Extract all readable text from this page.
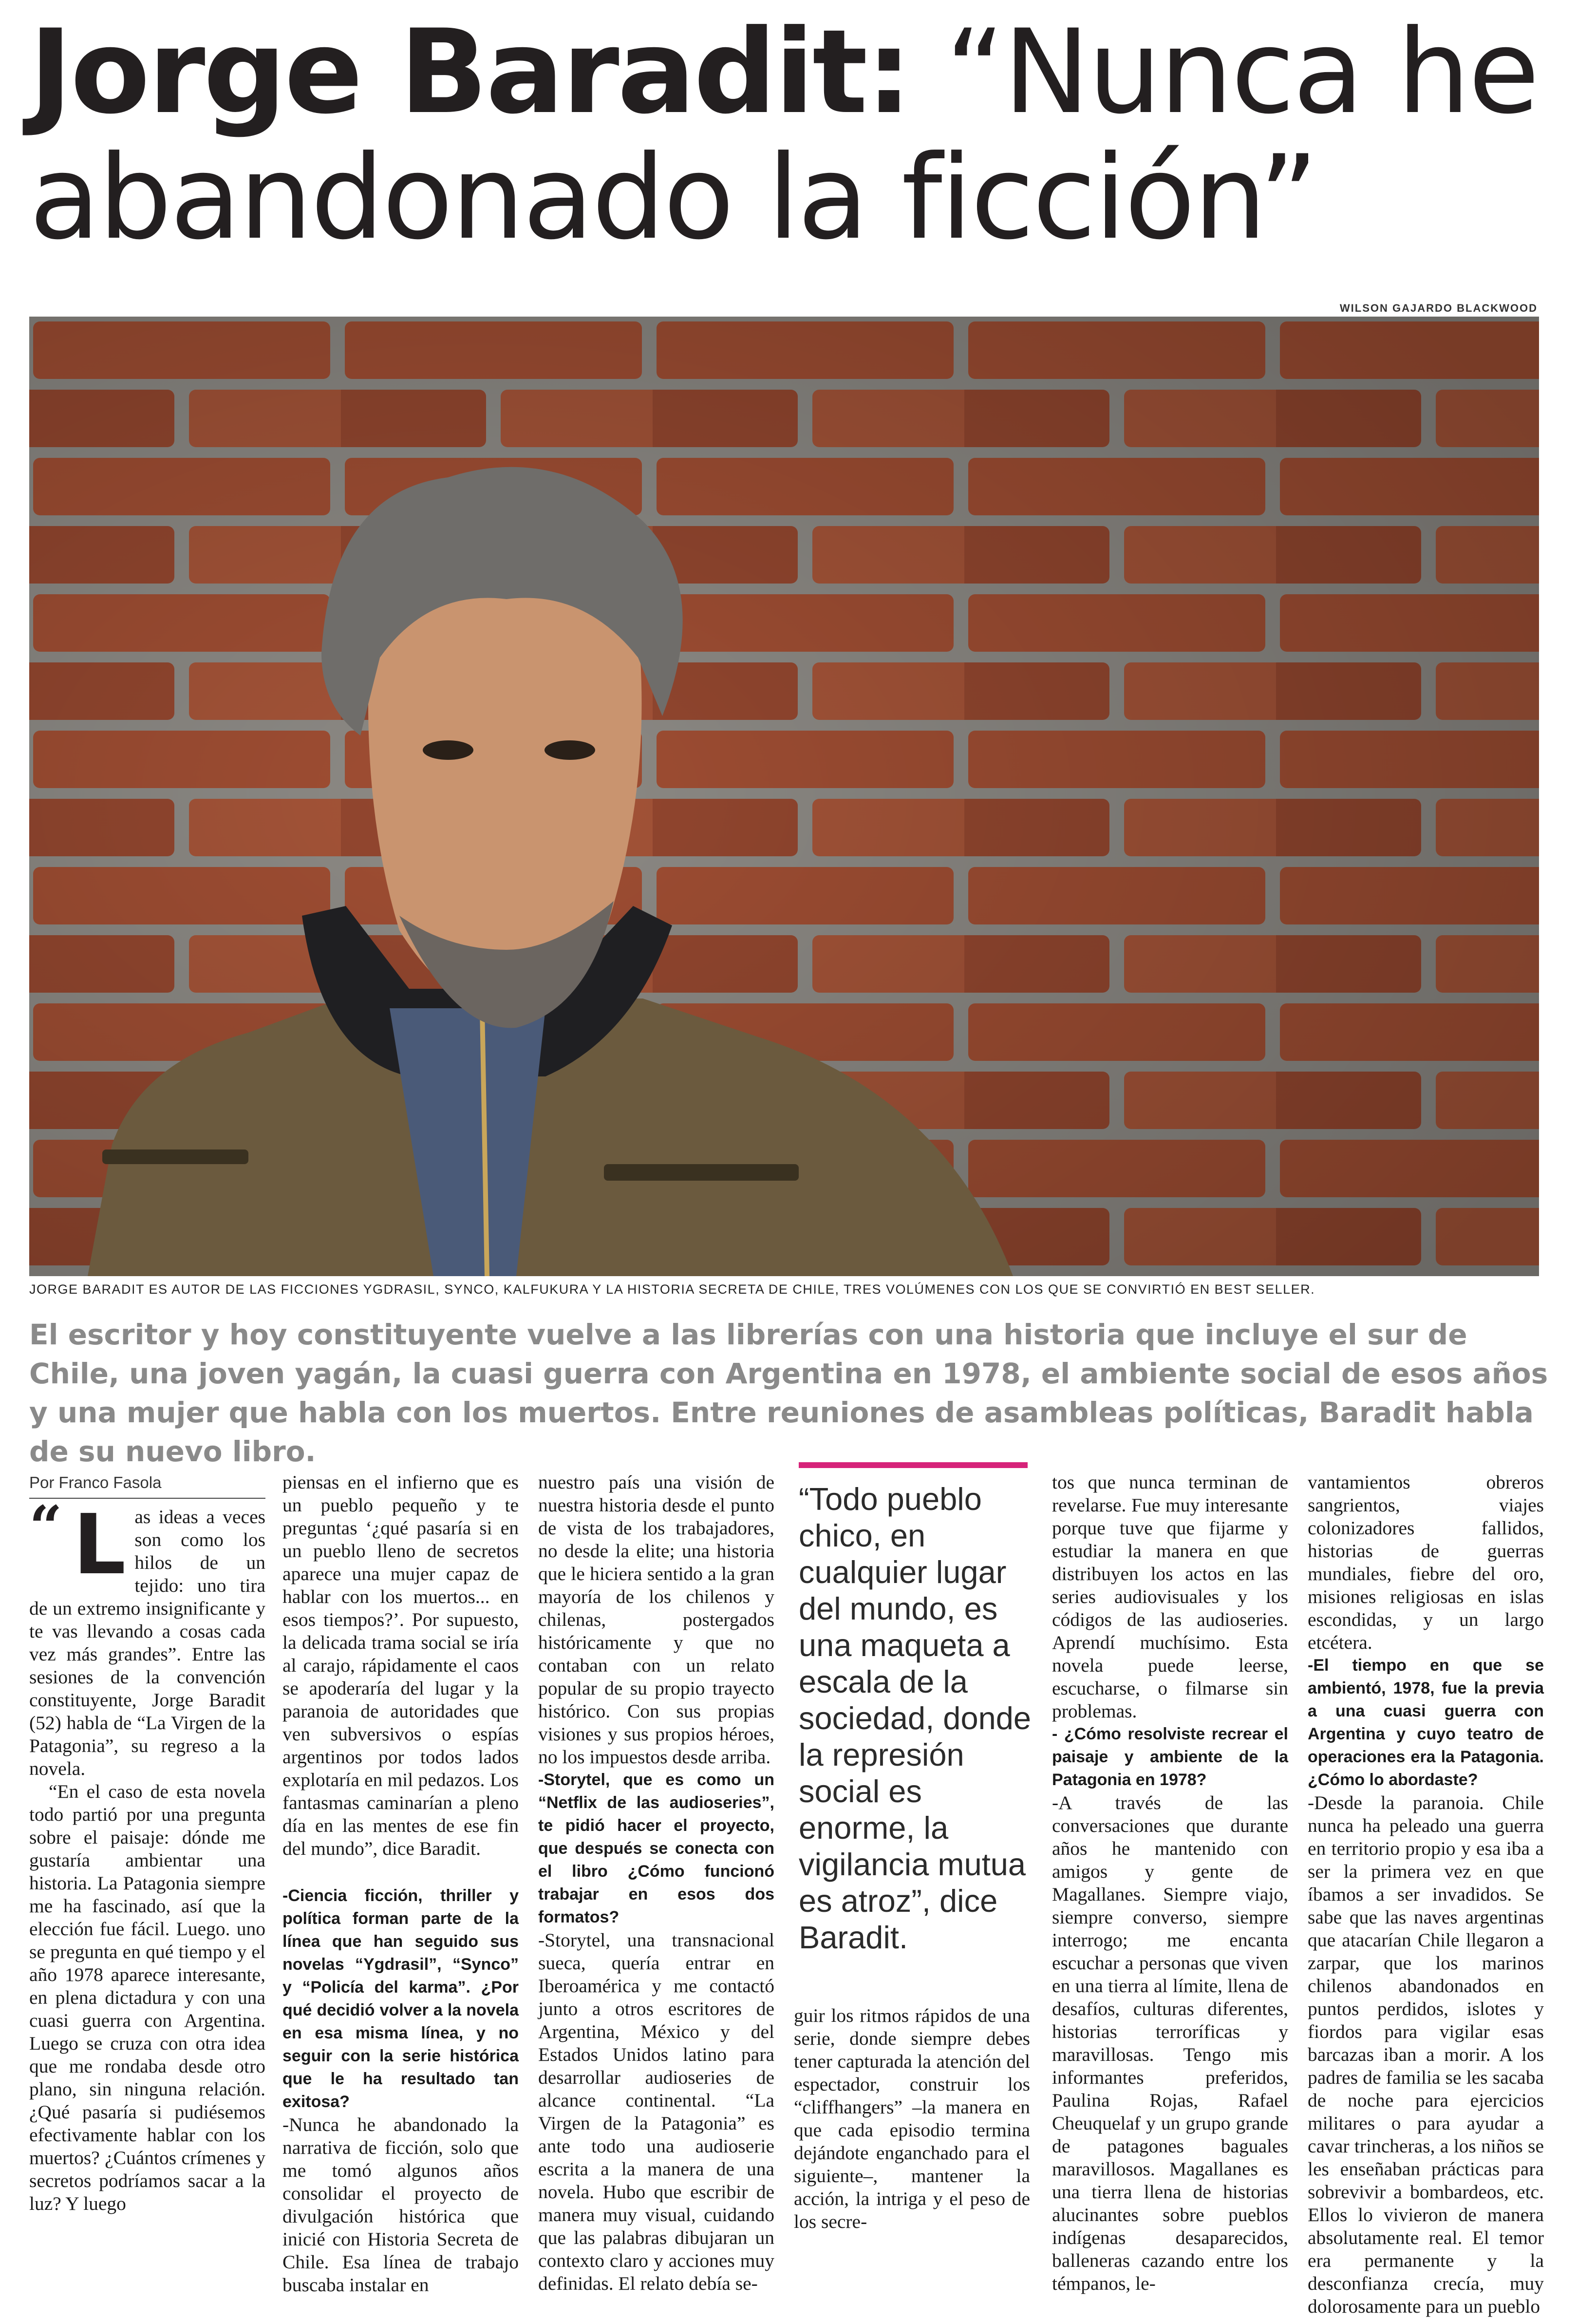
Jorge Baradit: “Nunca he
abandonado la ficción”
WILSON GAJARDO BLACKWOOD
JORGE BARADIT ES AUTOR DE LAS FICCIONES YGDRASIL, SYNCO, KALFUKURA Y LA HISTORIA SECRETA DE CHILE, TRES VOLÚMENES CON LOS QUE SE CONVIRTIÓ EN BEST SELLER.
El escritor y hoy constituyente vuelve a las librerías con una historia que incluye el sur de Chile, una joven yagán, la cuasi guerra con Argentina en 1978, el ambiente social de esos años y una mujer que habla con los muertos. Entre reuniones de asambleas políticas, Baradit habla de su nuevo libro.
Por Franco Fasola
“ L as ideas a veces son como los hilos de un tejido: uno tira de un extremo insignificante y te vas llevando a cosas cada vez más grandes”. Entre las sesiones de la convención constituyente, Jorge Baradit (52) habla de “La Virgen de la Patagonia”, su regreso a la novela.

“En el caso de esta novela todo partió por una pregunta sobre el paisaje: dónde me gustaría ambientar una historia. La Patagonia siempre me ha fascinado, así que la elección fue fácil. Luego. uno se pregunta en qué tiempo y el año 1978 aparece interesante, en plena dictadura y con una cuasi guerra con Argentina. Luego se cruza con otra idea que me rondaba desde otro plano, sin ninguna relación. ¿Qué pasaría si pudiésemos efectivamente hablar con los muertos? ¿Cuántos crímenes y secretos podríamos sacar a la luz? Y luego

piensas en el infierno que es un pueblo pequeño y te preguntas ‘¿qué pasaría si en un pueblo lleno de secretos aparece una mujer capaz de hablar con los muertos... en esos tiempos?’. Por supuesto, la delicada trama social se iría al carajo, rápidamente el caos se apoderaría del lugar y la paranoia de autoridades que ven subversivos o espías argentinos por todos lados explotaría en mil pedazos. Los fantasmas caminarían a pleno día en las mentes de ese fin del mundo”, dice Baradit.

-Ciencia ficción, thriller y política forman parte de la línea que han seguido sus novelas “Ygdrasil”, “Synco” y “Policía del karma”. ¿Por qué decidió volver a la novela en esa misma línea, y no seguir con la serie histórica que le ha resultado tan exitosa?

-Nunca he abandonado la narrativa de ficción, solo que me tomó algunos años consolidar el proyecto de divulgación histórica que inicié con Historia Secreta de Chile. Esa línea de trabajo buscaba instalar en

nuestro país una visión de nuestra historia desde el punto de vista de los trabajadores, no desde la elite; una historia que le hiciera sentido a la gran mayoría de los chilenos y chilenas, postergados históricamente y que no contaban con un relato popular de su propio trayecto histórico. Con sus propias visiones y sus propios héroes, no los impuestos desde arriba.

-Storytel, que es como un “Netflix de las audioseries”, te pidió hacer el proyecto, que después se conecta con el libro ¿Cómo funcionó trabajar en esos dos formatos?

-Storytel, una transnacional sueca, quería entrar en Iberoamérica y me contactó junto a otros escritores de Argentina, México y del Estados Unidos latino para desarrollar audioseries de alcance continental. “La Virgen de la Patagonia” es ante todo una audioserie escrita a la manera de una novela. Hubo que escribir de manera muy visual, cuidando que las palabras dibujaran un contexto claro y acciones muy definidas. El relato debía se-

“Todo pueblo chico, en cualquier lugar del mundo, es una maqueta a escala de la sociedad, donde la represión social es enorme, la vigilancia mutua es atroz”, dice Baradit.

guir los ritmos rápidos de una serie, donde siempre debes tener capturada la atención del espectador, construir los “cliffhangers” –la manera en que cada episodio termina dejándote enganchado para el siguiente–, mantener la acción, la intriga y el peso de los secre-

tos que nunca terminan de revelarse. Fue muy interesante porque tuve que fijarme y estudiar la manera en que distribuyen los actos en las series audiovisuales y los códigos de las audioseries. Aprendí muchísimo. Esta novela puede leerse, escucharse, o filmarse sin problemas.

- ¿Cómo resolviste recrear el paisaje y ambiente de la Patagonia en 1978?

-A través de las conversaciones que durante años he mantenido con amigos y gente de Magallanes. Siempre viajo, siempre converso, siempre interrogo; me encanta escuchar a personas que viven en una tierra al límite, llena de desafíos, culturas diferentes, historias terroríficas y maravillosas. Tengo mis informantes preferidos, Paulina Rojas, Rafael Cheuquelaf y un grupo grande de patagones baguales maravillosos. Magallanes es una tierra llena de historias alucinantes sobre pueblos indígenas desaparecidos, balleneras cazando entre los témpanos, le-

vantamientos obreros sangrientos, viajes colonizadores fallidos, historias de guerras mundiales, fiebre del oro, misiones religiosas en islas escondidas, y un largo etcétera.

-El tiempo en que se ambientó, 1978, fue la previa a una cuasi guerra con Argentina y cuyo teatro de operaciones era la Patagonia. ¿Cómo lo abordaste?

-Desde la paranoia. Chile nunca ha peleado una guerra en territorio propio y esa iba a ser la primera vez en que íbamos a ser invadidos. Se sabe que las naves argentinas que atacarían Chile llegaron a zarpar, que los marinos chilenos abandonados en puntos perdidos, islotes y fiordos para vigilar esas barcazas iban a morir. A los padres de familia se les sacaba de noche para ejercicios militares o para ayudar a cavar trincheras, a los niños se les enseñaban prácticas para sobrevivir a bombardeos, etc. Ellos lo vivieron de manera absolutamente real. El temor era permanente y la desconfianza crecía, muy dolorosamente para un pueblo
